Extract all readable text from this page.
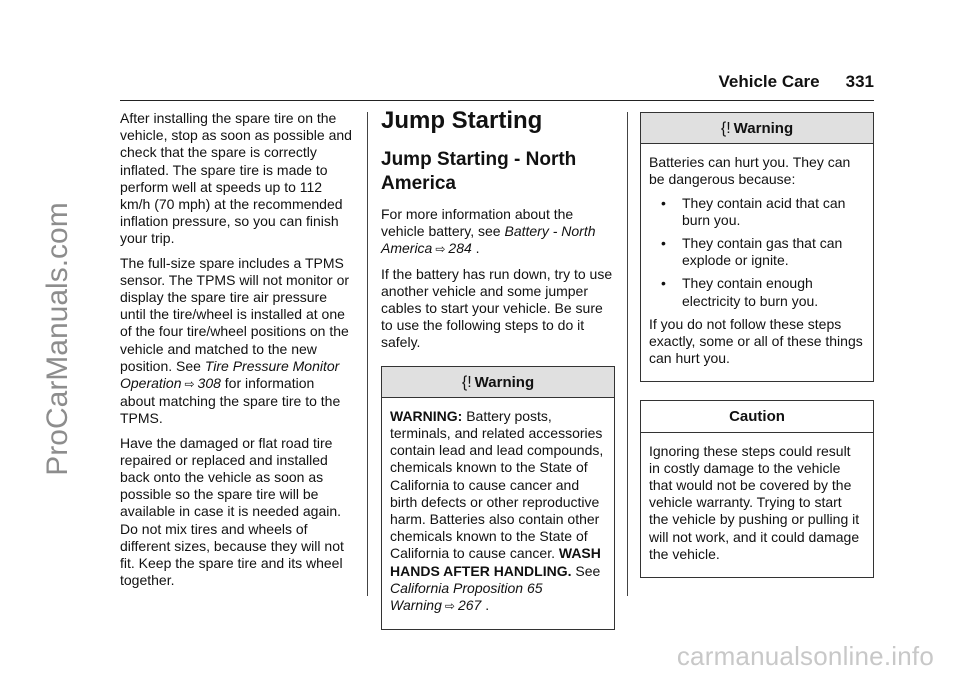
ProCarManuals.com
carmanualsonline.info
Vehicle Care 331

After installing the spare tire on the vehicle, stop as soon as possible and check that the spare is correctly inflated. The spare tire is made to perform well at speeds up to 112 km/h (70 mph) at the recommended inflation pressure, so you can finish your trip.

The full-size spare includes a TPMS sensor. The TPMS will not monitor or display the spare tire air pressure until the tire/wheel is installed at one of the four tire/wheel positions on the vehicle and matched to the new position. See Tire Pressure Monitor Operation ⇨ 308 for information about matching the spare tire to the TPMS.

Have the damaged or flat road tire repaired or replaced and installed back onto the vehicle as soon as possible so the spare tire will be available in case it is needed again. Do not mix tires and wheels of different sizes, because they will not fit. Keep the spare tire and its wheel together.

Jump Starting
Jump Starting - North America

For more information about the vehicle battery, see Battery - North America ⇨ 284 .

If the battery has run down, try to use another vehicle and some jumper cables to start your vehicle. Be sure to use the following steps to do it safely.

{! Warning

WARNING: Battery posts, terminals, and related accessories contain lead and lead compounds, chemicals known to the State of California to cause cancer and birth defects or other reproductive harm. Batteries also contain other chemicals known to the State of California to cause cancer. WASH HANDS AFTER HANDLING. See California Proposition 65 Warning ⇨ 267 .

{! Warning

Batteries can hurt you. They can be dangerous because:

• They contain acid that can burn you.
• They contain gas that can explode or ignite.
• They contain enough electricity to burn you.

If you do not follow these steps exactly, some or all of these things can hurt you.

Caution

Ignoring these steps could result in costly damage to the vehicle that would not be covered by the vehicle warranty. Trying to start the vehicle by pushing or pulling it will not work, and it could damage the vehicle.
